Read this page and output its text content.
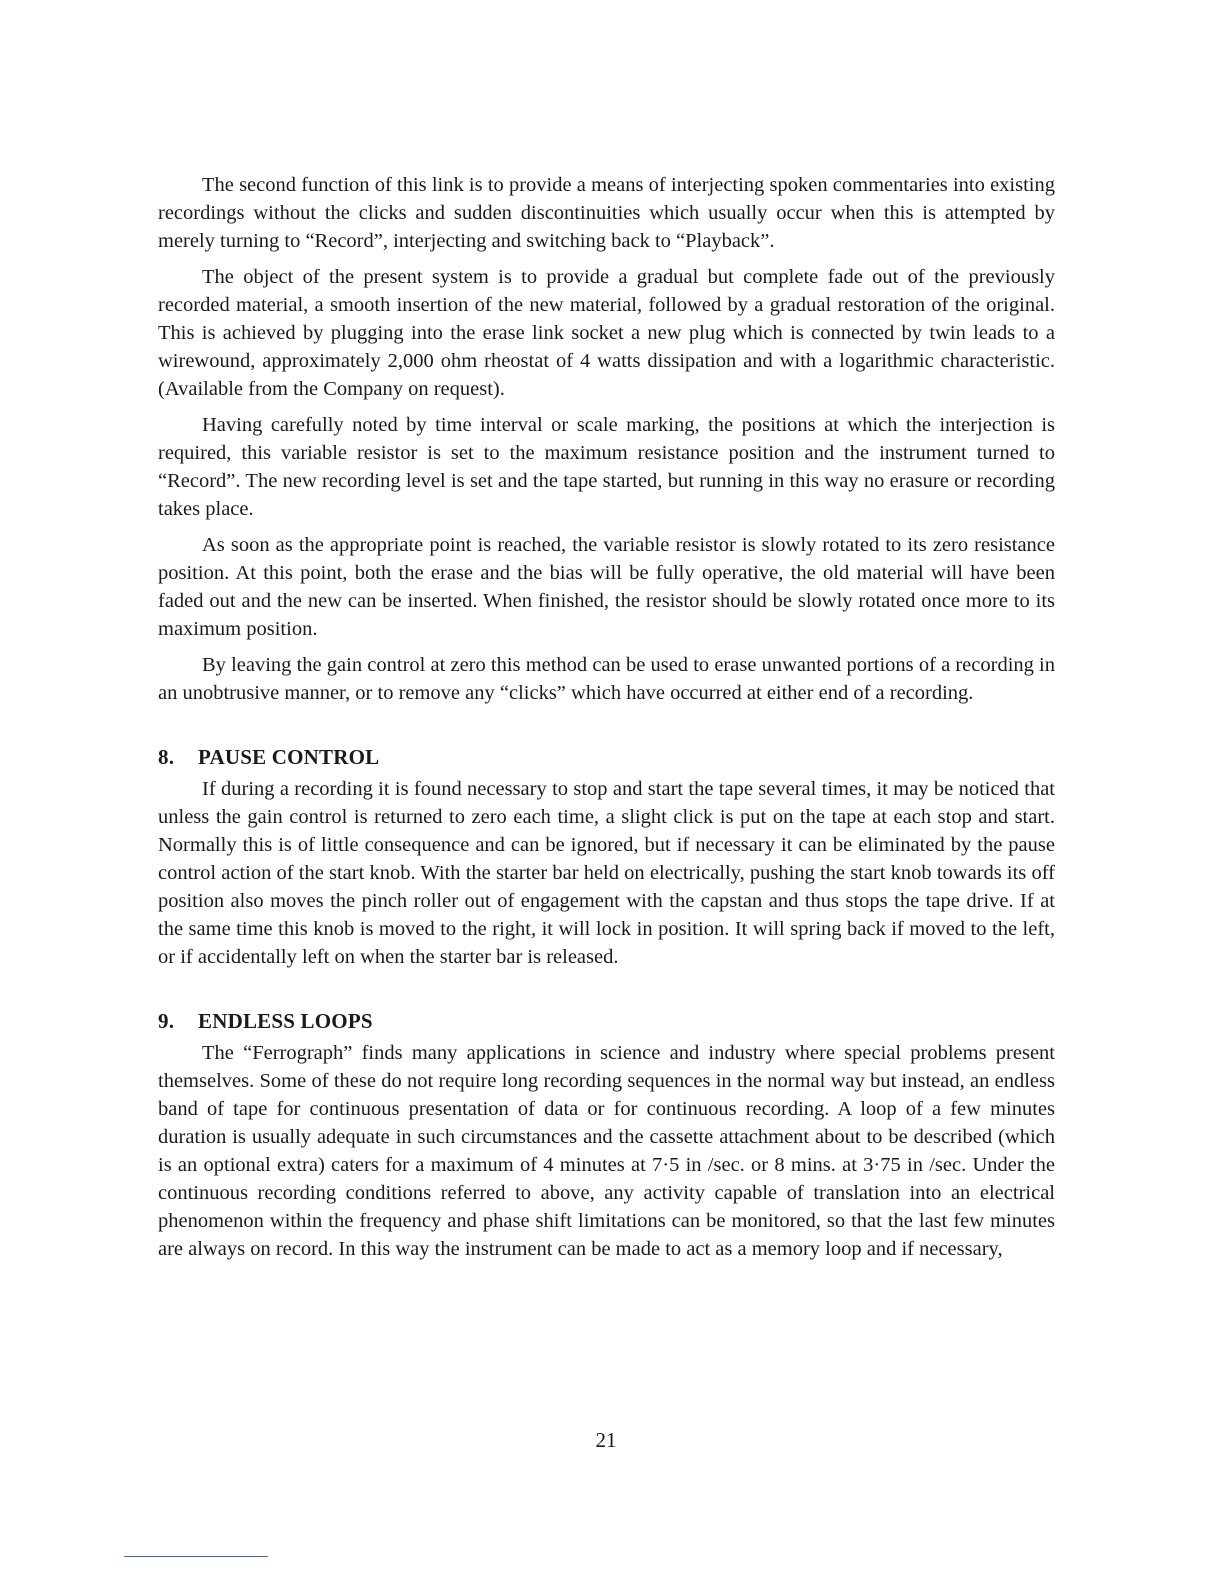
The second function of this link is to provide a means of interjecting spoken commentaries into existing recordings without the clicks and sudden discontinuities which usually occur when this is attempted by merely turning to “Record”, interjecting and switching back to “Playback”.

The object of the present system is to provide a gradual but complete fade out of the previously recorded material, a smooth insertion of the new material, followed by a gradual restoration of the original. This is achieved by plugging into the erase link socket a new plug which is connected by twin leads to a wirewound, approximately 2,000 ohm rheostat of 4 watts dissipation and with a logarithmic characteristic. (Available from the Company on request).

Having carefully noted by time interval or scale marking, the positions at which the interjection is required, this variable resistor is set to the maximum resistance position and the instrument turned to “Record”. The new recording level is set and the tape started, but running in this way no erasure or recording takes place.

As soon as the appropriate point is reached, the variable resistor is slowly rotated to its zero resistance position. At this point, both the erase and the bias will be fully operative, the old material will have been faded out and the new can be inserted. When finished, the resistor should be slowly rotated once more to its maximum position.

By leaving the gain control at zero this method can be used to erase unwanted portions of a recording in an unobtrusive manner, or to remove any “clicks” which have occurred at either end of a recording.

8. PAUSE CONTROL

If during a recording it is found necessary to stop and start the tape several times, it may be noticed that unless the gain control is returned to zero each time, a slight click is put on the tape at each stop and start. Normally this is of little consequence and can be ignored, but if necessary it can be eliminated by the pause control action of the start knob. With the starter bar held on electrically, pushing the start knob towards its off position also moves the pinch roller out of engagement with the capstan and thus stops the tape drive. If at the same time this knob is moved to the right, it will lock in position. It will spring back if moved to the left, or if accidentally left on when the starter bar is released.

9. ENDLESS LOOPS

The “Ferrograph” finds many applications in science and industry where special problems present themselves. Some of these do not require long recording sequences in the normal way but instead, an endless band of tape for continuous presentation of data or for continuous recording. A loop of a few minutes duration is usually adequate in such circumstances and the cassette attachment about to be described (which is an optional extra) caters for a maximum of 4 minutes at 7·5 in /sec. or 8 mins. at 3·75 in /sec. Under the continuous recording conditions referred to above, any activity capable of translation into an electrical phenomenon within the frequency and phase shift limitations can be monitored, so that the last few minutes are always on record. In this way the instrument can be made to act as a memory loop and if necessary,

21
